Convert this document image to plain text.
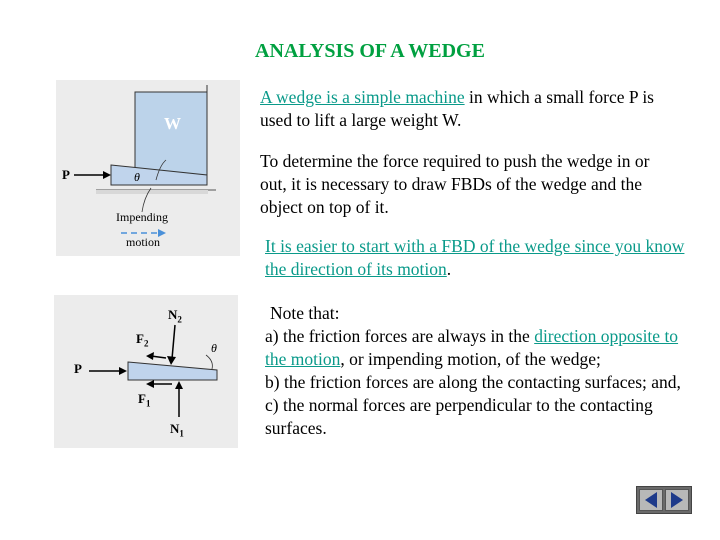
ANALYSIS OF A WEDGE
W
P	θ
Impending
motion
$N_2$
$F_2$
P
$F_1$
$N_1$
θ
A wedge is a simple machine in which a small force P is used to lift a large weight W.
To determine the force required to push the wedge in or out, it is necessary to draw FBDs of the wedge and the object on top of it.
It is easier to start with a FBD of the wedge since you know the direction of its motion.
Note that:
a) the friction forces are always in the direction opposite to the motion, or impending motion, of the wedge;
b) the friction forces are along the contacting surfaces; and,
c) the normal forces are perpendicular to the contacting surfaces.
